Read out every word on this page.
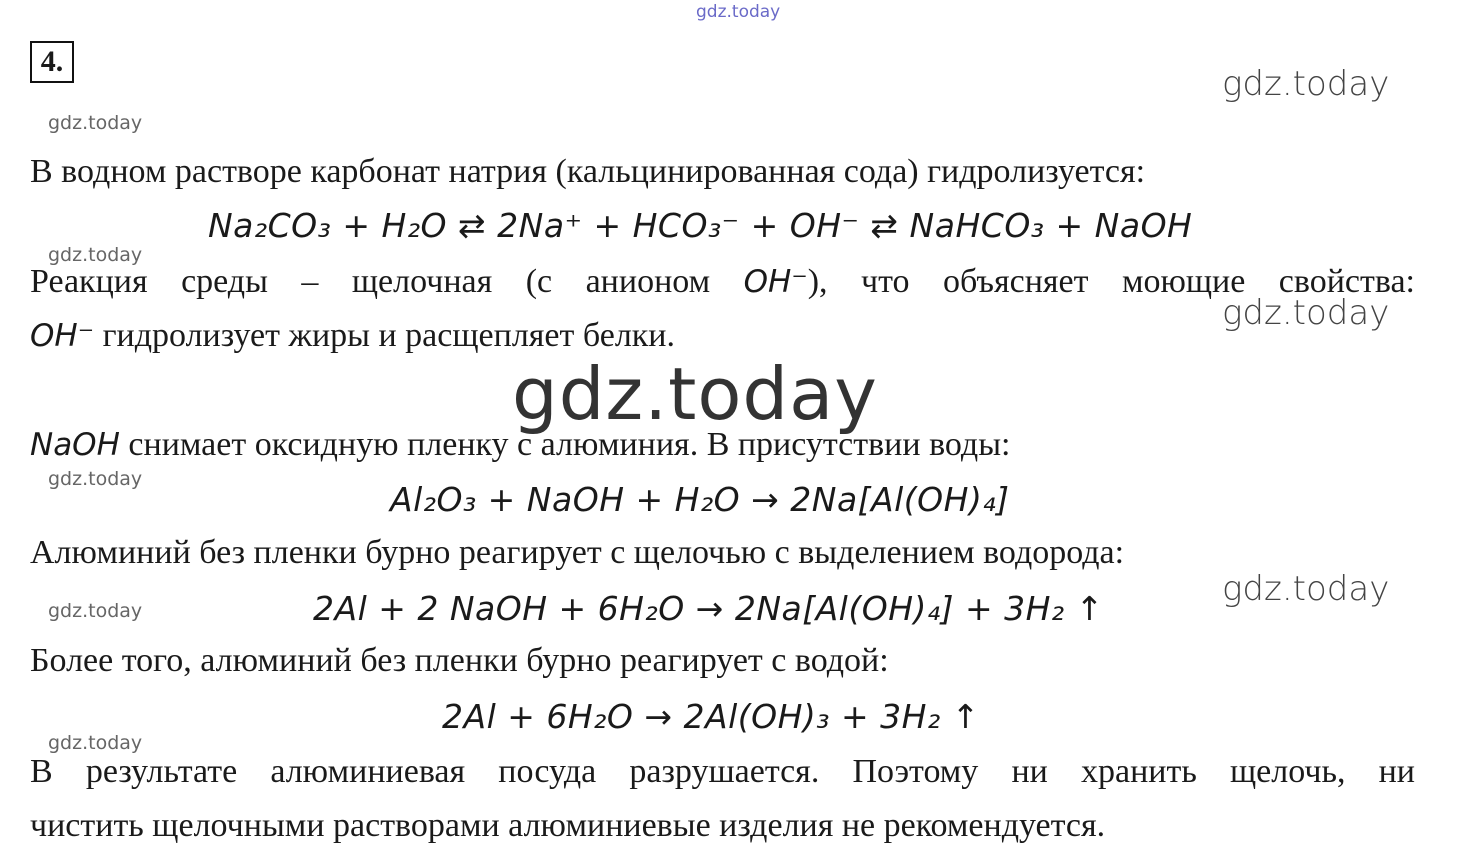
gdz.today
gdz.today
gdz.today
gdz.today
gdz.today
gdz.today
gdz.today
gdz.today
gdz.today
gdz.today
4.
В водном растворе карбонат натрия (кальцинированная сода) гидролизуется:
Na₂CO₃ + H₂O ⇄ 2Na⁺ + HCO₃⁻ + OH⁻ ⇄ NaHCO₃ + NaOH
Реакция среды – щелочная (с анионом OH⁻), что объясняет моющие свойства:
OH⁻ гидролизует жиры и расщепляет белки.
NaOH снимает оксидную пленку с алюминия. В присутствии воды:
Al₂O₃ + NaOH + H₂O → 2Na[Al(OH)₄]
Алюминий без пленки бурно реагирует с щелочью с выделением водорода:
2Al + 2 NaOH + 6H₂O → 2Na[Al(OH)₄] + 3H₂ ↑
Более того, алюминий без пленки бурно реагирует с водой:
2Al + 6H₂O → 2Al(OH)₃ + 3H₂ ↑
В результате алюминиевая посуда разрушается. Поэтому ни хранить щелочь, ни
чистить щелочными растворами алюминиевые изделия не рекомендуется.
